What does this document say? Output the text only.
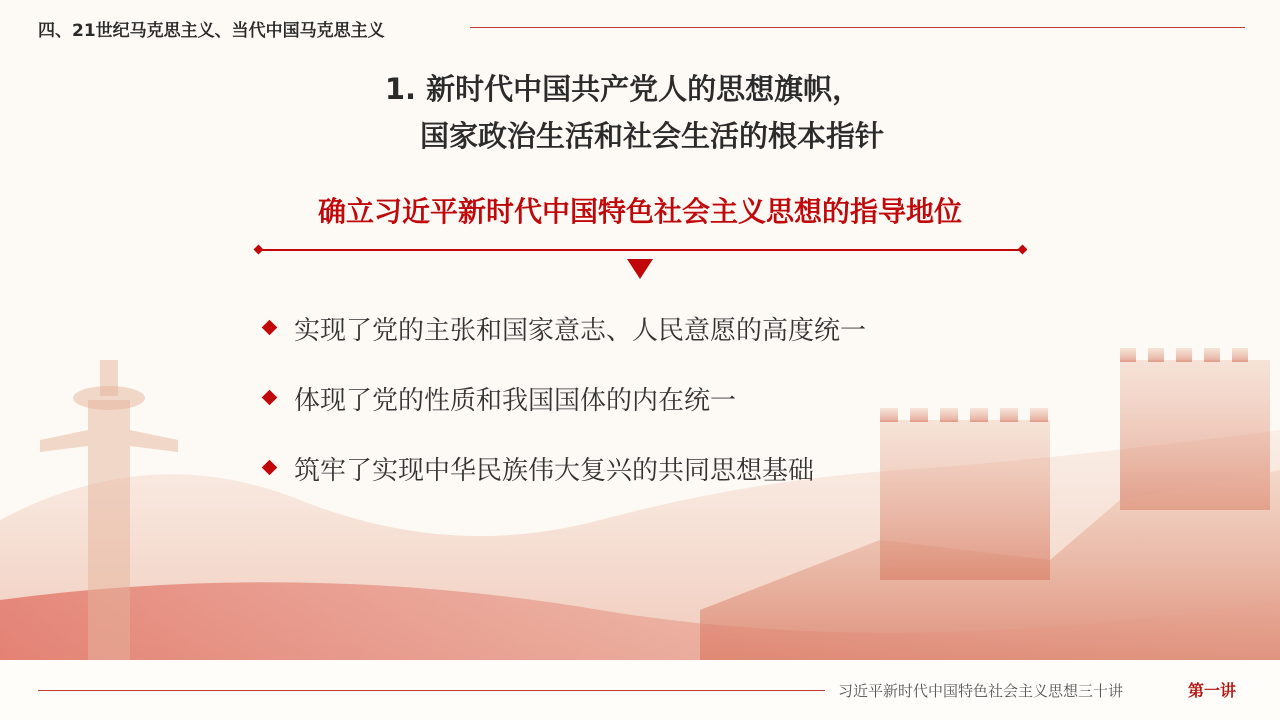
四、21世纪马克思主义、当代中国马克思主义
1. 新时代中国共产党人的思想旗帜，
国家政治生活和社会生活的根本指针
确立习近平新时代中国特色社会主义思想的指导地位
实现了党的主张和国家意志、人民意愿的高度统一
体现了党的性质和我国国体的内在统一
筑牢了实现中华民族伟大复兴的共同思想基础
习近平新时代中国特色社会主义思想三十讲	第一讲
